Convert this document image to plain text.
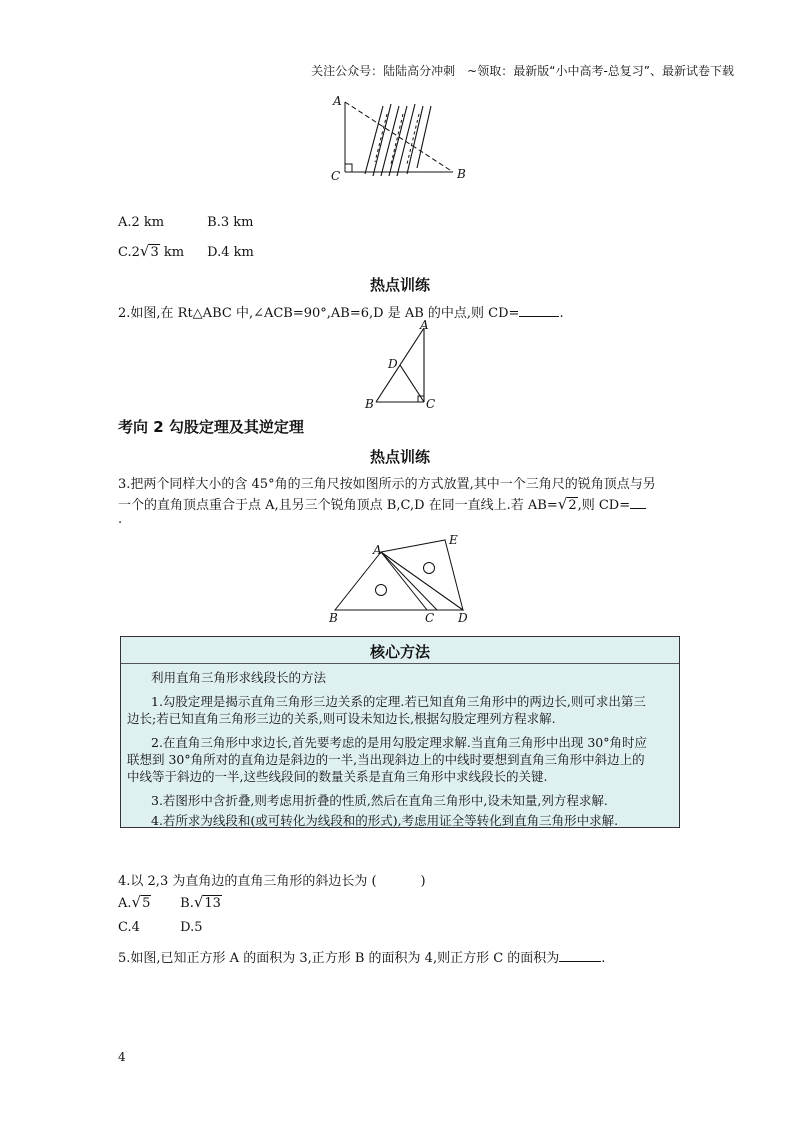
关注公众号：陆陆高分冲刺　~领取：最新版“小中高考-总复习”、最新试卷下载
A
C	B
A.2 km	B.3 km
C.2√3 km D.4 km
热点训练
2.如图,在 Rt△ABC 中,∠ACB=90°,AB=6,D 是 AB 的中点,则 CD=	.
A
D
B	C
考向 2 勾股定理及其逆定理
热点训练
3.把两个同样大小的含 45°角的三角尺按如图所示的方式放置,其中一个三角尺的锐角顶点与另
一个的直角顶点重合于点 A,且另三个锐角顶点 B,C,D 在同一直线上.若 AB=√2,则 CD=
.
A
E
B	C D
核心方法

利用直角三角形求线段长的方法

1.勾股定理是揭示直角三角形三边关系的定理.若已知直角三角形中的两边长,则可求出第三

边长;若已知直角三角形三边的关系,则可设未知边长,根据勾股定理列方程求解.

2.在直角三角形中求边长,首先要考虑的是用勾股定理求解.当直角三角形中出现 30°角时应

联想到 30°角所对的直角边是斜边的一半,当出现斜边上的中线时要想到直角三角形中斜边上的

中线等于斜边的一半,这些线段间的数量关系是直角三角形中求线段长的关键.

3.若图形中含折叠,则考虑用折叠的性质,然后在直角三角形中,设未知量,列方程求解.

4.若所求为线段和(或可转化为线段和的形式),考虑用证全等转化到直角三角形中求解.

4.以 2,3 为直角边的直角三角形的斜边长为 (	)
A.√5 B.√13
C.4	D.5
5.如图,已知正方形 A 的面积为 3,正方形 B 的面积为 4,则正方形 C 的面积为	.
4
